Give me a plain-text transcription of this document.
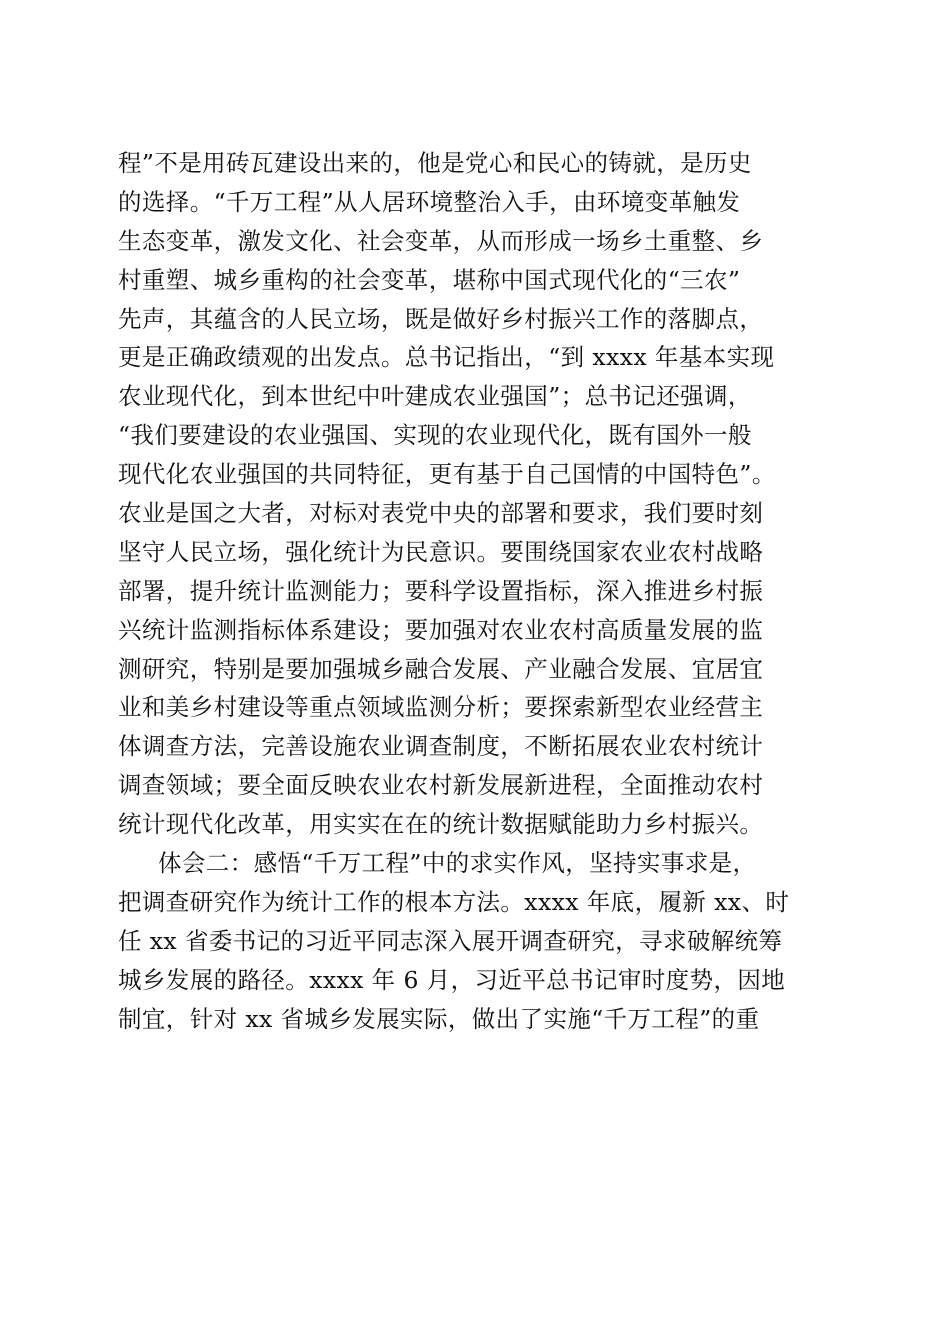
程”不是用砖瓦建设出来的，他是党心和民心的铸就，是历史
的选择。“千万工程”从人居环境整治入手，由环境变革触发
生态变革，激发文化、社会变革，从而形成一场乡土重整、乡
村重塑、城乡重构的社会变革，堪称中国式现代化的“三农”
先声，其蕴含的人民立场，既是做好乡村振兴工作的落脚点，
更是正确政绩观的出发点。总书记指出，“到 xxxx 年基本实现
农业现代化，到本世纪中叶建成农业强国”；总书记还强调，
“我们要建设的农业强国、实现的农业现代化，既有国外一般
现代化农业强国的共同特征，更有基于自己国情的中国特色”。
农业是国之大者，对标对表党中央的部署和要求，我们要时刻
坚守人民立场，强化统计为民意识。要围绕国家农业农村战略
部署，提升统计监测能力；要科学设置指标，深入推进乡村振
兴统计监测指标体系建设；要加强对农业农村高质量发展的监
测研究，特别是要加强城乡融合发展、产业融合发展、宜居宜
业和美乡村建设等重点领域监测分析；要探索新型农业经营主
体调查方法，完善设施农业调查制度，不断拓展农业农村统计
调查领域；要全面反映农业农村新发展新进程，全面推动农村
统计现代化改革，用实实在在的统计数据赋能助力乡村振兴。
体会二：感悟“千万工程”中的求实作风，坚持实事求是，
把调查研究作为统计工作的根本方法。xxxx 年底，履新 xx、时
任 xx 省委书记的习近平同志深入展开调查研究，寻求破解统筹
城乡发展的路径。xxxx 年 6 月，习近平总书记审时度势，因地
制宜，针对 xx 省城乡发展实际，做出了实施“千万工程”的重
